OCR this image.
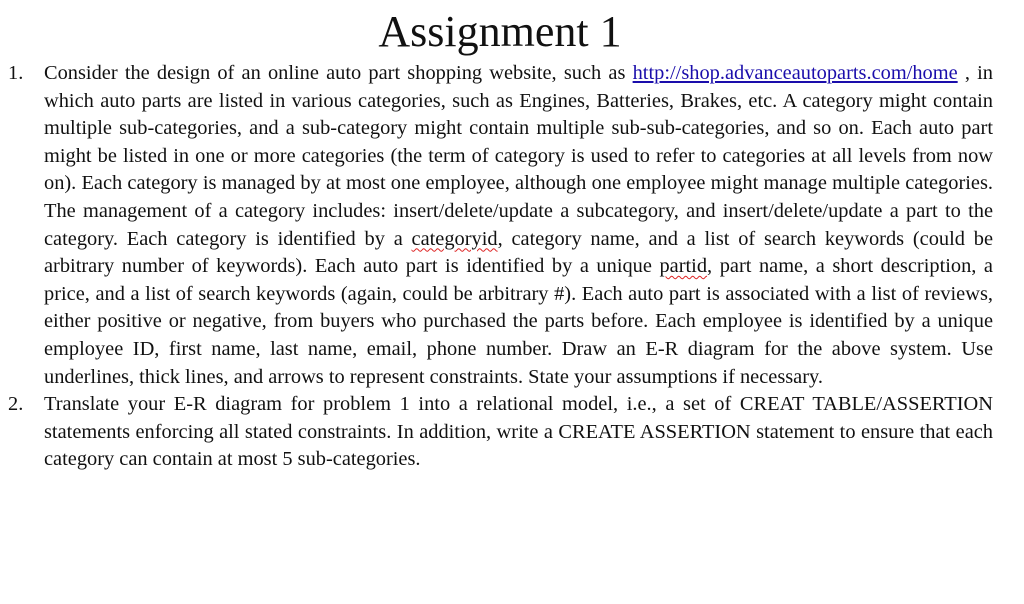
Assignment 1
1. Consider the design of an online auto part shopping website, such as http://shop.advanceautoparts.com/home , in which auto parts are listed in various categories, such as Engines, Batteries, Brakes, etc. A category might contain multiple sub-categories, and a sub-category might contain multiple sub-sub-categories, and so on. Each auto part might be listed in one or more categories (the term of category is used to refer to categories at all levels from now on). Each category is managed by at most one employee, although one employee might manage multiple categories. The management of a category includes: insert/delete/update a subcategory, and insert/delete/update a part to the category. Each category is identified by a categoryid, category name, and a list of search keywords (could be arbitrary number of keywords). Each auto part is identified by a unique partid, part name, a short description, a price, and a list of search keywords (again, could be arbitrary #). Each auto part is associated with a list of reviews, either positive or negative, from buyers who purchased the parts before. Each employee is identified by a unique employee ID, first name, last name, email, phone number. Draw an E-R diagram for the above system. Use underlines, thick lines, and arrows to represent constraints. State your assumptions if necessary.
2. Translate your E-R diagram for problem 1 into a relational model, i.e., a set of CREAT TABLE/ASSERTION statements enforcing all stated constraints. In addition, write a CREATE ASSERTION statement to ensure that each category can contain at most 5 sub-categories.
